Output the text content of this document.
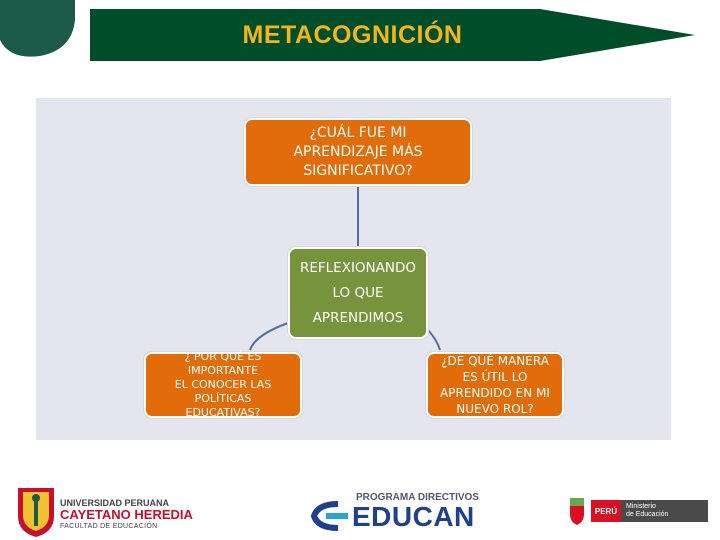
METACOGNICIÓN
¿CUÁL FUE MI
APRENDIZAJE MÁS
SIGNIFICATIVO?
REFLEXIONANDO
LO QUE
APRENDIMOS
¿ POR QUÉ ES IMPORTANTE
EL CONOCER LAS POLÍTICAS
EDUCATIVAS?
¿DE QUÉ MANERA
ES ÚTIL LO
APRENDIDO EN MI
NUEVO ROL?
UNIVERSIDAD PERUANA
CAYETANO HEREDIA
FACULTAD DE EDUCACIÓN
PROGRAMA DIRECTIVOS
EDUCAN	PERÚ	Ministerio
de Educación
